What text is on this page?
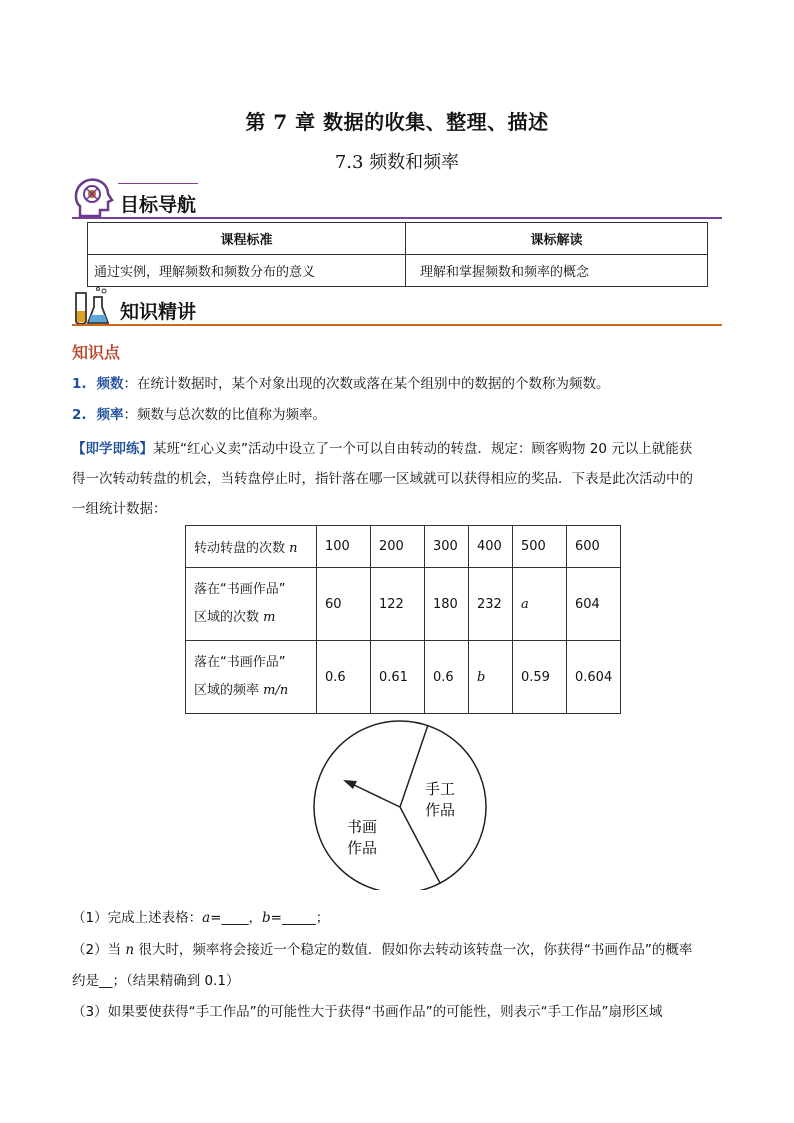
第 7 章 数据的收集、整理、描述
7.3 频数和频率
目标导航
课程标准	课标解读
通过实例，理解频数和频数分布的意义	理解和掌握频数和频率的概念
知识精讲
知识点
1. 频数：在统计数据时，某个对象出现的次数或落在某个组别中的数据的个数称为频数。
2. 频率：频数与总次数的比值称为频率。
【即学即练】某班“红心义卖”活动中设立了一个可以自由转动的转盘．规定：顾客购物 20 元以上就能获
得一次转动转盘的机会，当转盘停止时，指针落在哪一区域就可以获得相应的奖品．下表是此次活动中的
一组统计数据：
转动转盘的次数 n	100	200	300	400	500	600
落在“书画作品”
区域的次数 m	60	122	180	232	a	604
落在“书画作品”
区域的频率 m/n	0.6	0.61	0.6	b	0.59	0.604
手工
作品
书画
作品
（1）完成上述表格：a=____，b=_____；
（2）当 n 很大时，频率将会接近一个稳定的数值．假如你去转动该转盘一次，你获得“书画作品”的概率
约是__；（结果精确到 0.1）
（3）如果要使获得“手工作品”的可能性大于获得“书画作品”的可能性，则表示“手工作品”扇形区域
